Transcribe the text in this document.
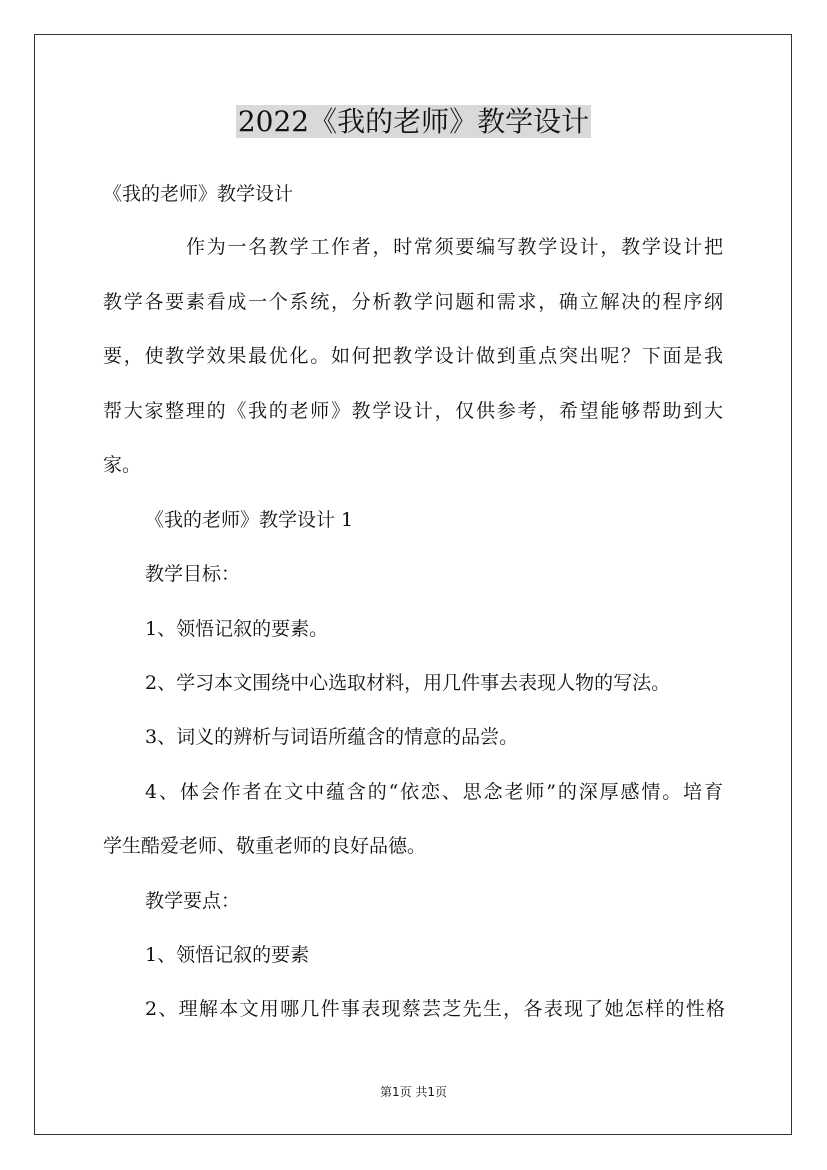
2022《我的老师》教学设计
《我的老师》教学设计
作为一名教学工作者，时常须要编写教学设计，教学设计把
教学各要素看成一个系统，分析教学问题和需求，确立解决的程序纲
要，使教学效果最优化。如何把教学设计做到重点突出呢？下面是我
帮大家整理的《我的老师》教学设计，仅供参考，希望能够帮助到大
家。
《我的老师》教学设计 1
教学目标：
1、领悟记叙的要素。
2、学习本文围绕中心选取材料，用几件事去表现人物的写法。
3、词义的辨析与词语所蕴含的情意的品尝。
4、体会作者在文中蕴含的“依恋、思念老师”的深厚感情。培育
学生酷爱老师、敬重老师的良好品德。
教学要点：
1、领悟记叙的要素
2、理解本文用哪几件事表现蔡芸芝先生，各表现了她怎样的性格
第1页 共1页
